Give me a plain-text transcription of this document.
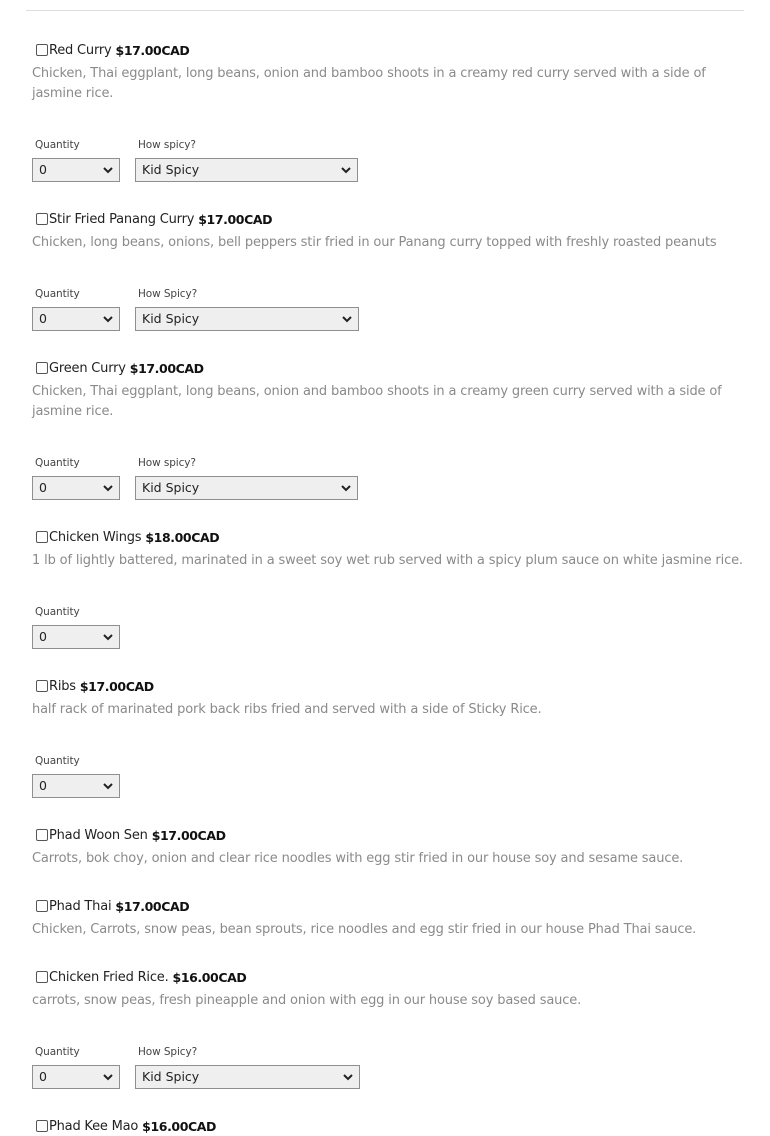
Red Curry $17.00CAD
Chicken, Thai eggplant, long beans, onion and bamboo shoots in a creamy red curry served with a side of jasmine rice.
Quantity	How spicy?
0	Kid Spicy
Stir Fried Panang Curry $17.00CAD
Chicken, long beans, onions, bell peppers stir fried in our Panang curry topped with freshly roasted peanuts
Quantity	How Spicy?
0	Kid Spicy
Green Curry $17.00CAD
Chicken, Thai eggplant, long beans, onion and bamboo shoots in a creamy green curry served with a side of jasmine rice.
Quantity	How spicy?
0	Kid Spicy
Chicken Wings $18.00CAD
1 lb of lightly battered, marinated in a sweet soy wet rub served with a spicy plum sauce on white jasmine rice.
Quantity
0
Ribs $17.00CAD
half rack of marinated pork back ribs fried and served with a side of Sticky Rice.
Quantity
0
Phad Woon Sen $17.00CAD
Carrots, bok choy, onion and clear rice noodles with egg stir fried in our house soy and sesame sauce.
Phad Thai $17.00CAD
Chicken, Carrots, snow peas, bean sprouts, rice noodles and egg stir fried in our house Phad Thai sauce.
Chicken Fried Rice. $16.00CAD
carrots, snow peas, fresh pineapple and onion with egg in our house soy based sauce.
Quantity	How Spicy?
0	Kid Spicy
Phad Kee Mao $16.00CAD
